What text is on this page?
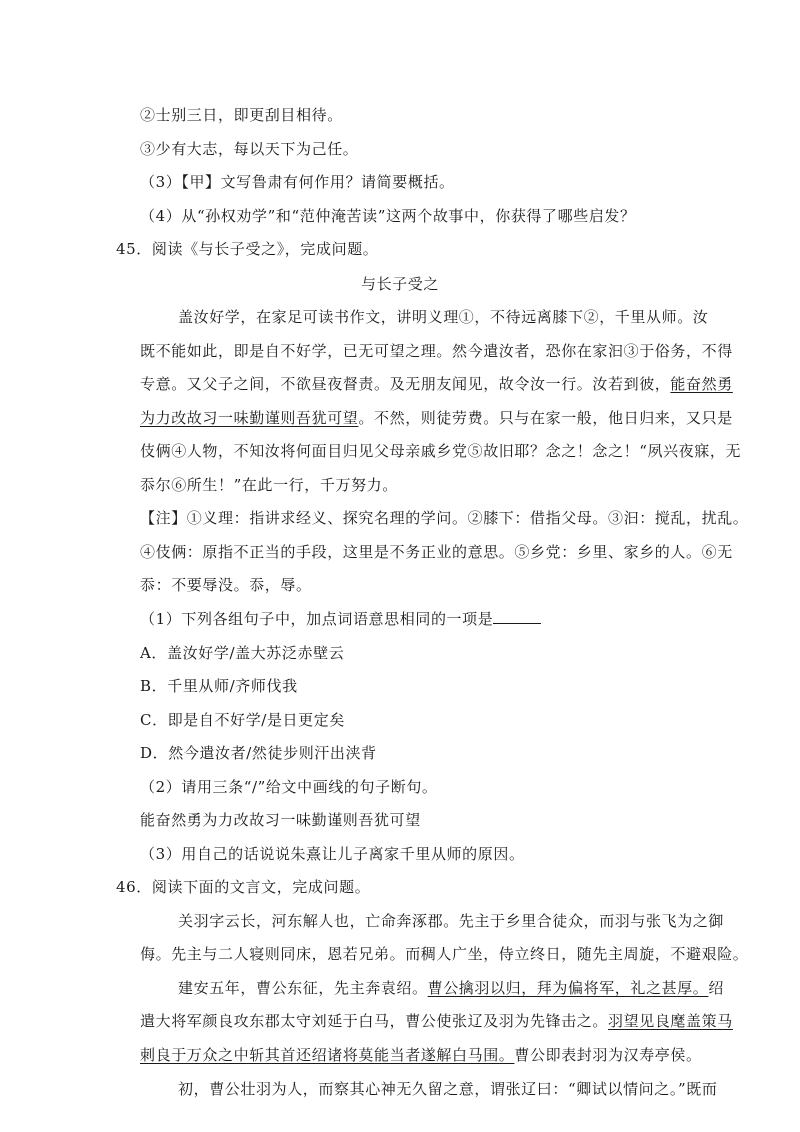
②士别三日，即更刮目相待。
③少有大志，每以天下为己任。
（3）【甲】文写鲁肃有何作用？请简要概括。
（4）从“孙权劝学”和“范仲淹苦读”这两个故事中，你获得了哪些启发？
45．阅读《与长子受之》，完成问题。
与长子受之
盖汝好学，在家足可读书作文，讲明义理①，不待远离膝下②，千里从师。汝
既不能如此，即是自不好学，已无可望之理。然今遣汝者，恐你在家汩③于俗务，不得
专意。又父子之间，不欲昼夜督责。及无朋友闻见，故令汝一行。汝若到彼，能奋然勇
为力改故习一味勤谨则吾犹可望。不然，则徒劳费。只与在家一般，他日归来，又只是
伎俩④人物，不知汝将何面目归见父母亲戚乡党⑤故旧耶？念之！念之！“夙兴夜寐，无
忝尔⑥所生！”在此一行，千万努力。
【注】①义理：指讲求经义、探究名理的学问。②膝下：借指父母。③汩：搅乱，扰乱。
④伎俩：原指不正当的手段，这里是不务正业的意思。⑤乡党：乡里、家乡的人。⑥无
忝：不要辱没。忝，辱。
（1）下列各组句子中，加点词语意思相同的一项是
A．盖汝好学/盖大苏泛赤壁云
B．千里从师/齐师伐我
C．即是自不好学/是日更定矣
D．然今遣汝者/然徒步则汗出浃背
（2）请用三条“/”给文中画线的句子断句。
能奋然勇为力改故习一味勤谨则吾犹可望
（3）用自己的话说说朱熹让儿子离家千里从师的原因。
46．阅读下面的文言文，完成问题。
关羽字云长，河东解人也，亡命奔涿郡。先主于乡里合徒众，而羽与张飞为之御
侮。先主与二人寝则同床，恩若兄弟。而稠人广坐，侍立终日，随先主周旋，不避艰险。
建安五年，曹公东征，先主奔袁绍。曹公擒羽以归，拜为偏将军，礼之甚厚。绍
遣大将军颜良攻东郡太守刘延于白马，曹公使张辽及羽为先锋击之。羽望见良麾盖策马
刺良于万众之中斩其首还绍诸将莫能当者遂解白马围。曹公即表封羽为汉寿亭侯。
初，曹公壮羽为人，而察其心神无久留之意，谓张辽曰：“卿试以情问之。”既而
